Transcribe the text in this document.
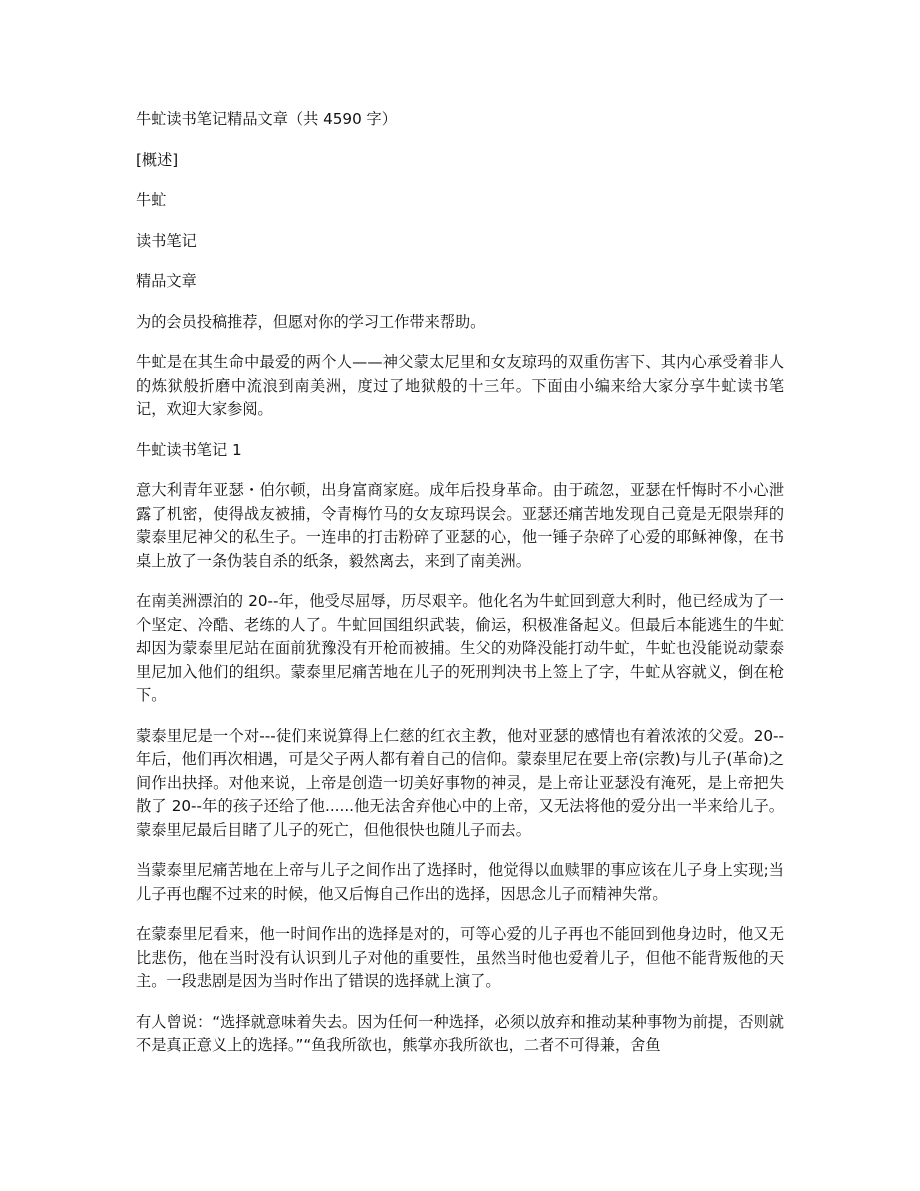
牛虻读书笔记精品文章（共 4590 字）

[概述]

牛虻

读书笔记

精品文章

为的会员投稿推荐，但愿对你的学习工作带来帮助。

牛虻是在其生命中最爱的两个人——神父蒙太尼里和女友琼玛的双重伤害下、其内心承受着非人的炼狱般折磨中流浪到南美洲，度过了地狱般的十三年。下面由小编来给大家分享牛虻读书笔记，欢迎大家参阅。

牛虻读书笔记 1

意大利青年亚瑟・伯尔顿，出身富商家庭。成年后投身革命。由于疏忽，亚瑟在忏悔时不小心泄露了机密，使得战友被捕，令青梅竹马的女友琼玛误会。亚瑟还痛苦地发现自己竟是无限崇拜的蒙泰里尼神父的私生子。一连串的打击粉碎了亚瑟的心，他一锤子杂碎了心爱的耶稣神像，在书桌上放了一条伪装自杀的纸条，毅然离去，来到了南美洲。

在南美洲漂泊的 20--年，他受尽屈辱，历尽艰辛。他化名为牛虻回到意大利时，他已经成为了一个坚定、冷酷、老练的人了。牛虻回国组织武装，偷运，积极准备起义。但最后本能逃生的牛虻却因为蒙泰里尼站在面前犹豫没有开枪而被捕。生父的劝降没能打动牛虻，牛虻也没能说动蒙泰里尼加入他们的组织。蒙泰里尼痛苦地在儿子的死刑判决书上签上了字，牛虻从容就义，倒在枪下。

蒙泰里尼是一个对---徒们来说算得上仁慈的红衣主教，他对亚瑟的感情也有着浓浓的父爱。20--年后，他们再次相遇，可是父子两人都有着自己的信仰。蒙泰里尼在要上帝(宗教)与儿子(革命)之间作出抉择。对他来说，上帝是创造一切美好事物的神灵，是上帝让亚瑟没有淹死，是上帝把失散了 20--年的孩子还给了他......他无法舍弃他心中的上帝，又无法将他的爱分出一半来给儿子。蒙泰里尼最后目睹了儿子的死亡，但他很快也随儿子而去。

当蒙泰里尼痛苦地在上帝与儿子之间作出了选择时，他觉得以血赎罪的事应该在儿子身上实现;当儿子再也醒不过来的时候，他又后悔自己作出的选择，因思念儿子而精神失常。

在蒙泰里尼看来，他一时间作出的选择是对的，可等心爱的儿子再也不能回到他身边时，他又无比悲伤，他在当时没有认识到儿子对他的重要性，虽然当时他也爱着儿子，但他不能背叛他的天主。一段悲剧是因为当时作出了错误的选择就上演了。

有人曾说：“选择就意味着失去。因为任何一种选择，必须以放弃和推动某种事物为前提，否则就不是真正意义上的选择。”“鱼我所欲也，熊掌亦我所欲也，二者不可得兼，舍鱼
